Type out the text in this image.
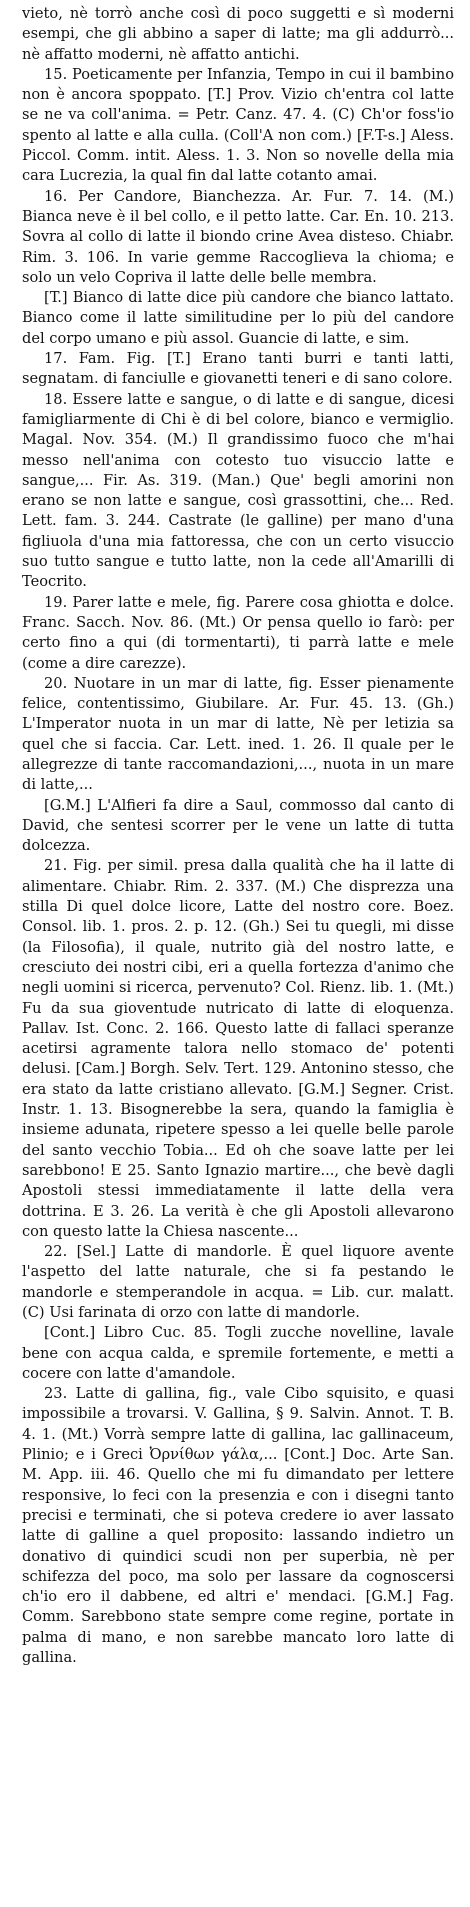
vieto, nè torrò anche così di poco suggetti e sì moderni esempi, che gli abbino a saper di latte; ma gli addurrò... nè affatto moderni, nè affatto antichi.

15. Poeticamente per Infanzia, Tempo in cui il bambino non è ancora spoppato. [T.] Prov. Vizio ch'entra col latte se ne va coll'anima. = Petr. Canz. 47. 4. (C) Ch'or foss'io spento al latte e alla culla. (Coll'A non com.) [F.T-s.] Aless. Piccol. Comm. intit. Aless. 1. 3. Non so novelle della mia cara Lucrezia, la qual fin dal latte cotanto amai.

16. Per Candore, Bianchezza. Ar. Fur. 7. 14. (M.) Bianca neve è il bel collo, e il petto latte. Car. En. 10. 213. Sovra al collo di latte il biondo crine Avea disteso. Chiabr. Rim. 3. 106. In varie gemme Raccoglieva la chioma; e solo un velo Copriva il latte delle belle membra.

[T.] Bianco di latte dice più candore che bianco lattato. Bianco come il latte similitudine per lo più del candore del corpo umano e più assol. Guancie di latte, e sim.

17. Fam. Fig. [T.] Erano tanti burri e tanti latti, segnatam. di fanciulle e giovanetti teneri e di sano colore.

18. Essere latte e sangue, o di latte e di sangue, dicesi famigliarmente di Chi è di bel colore, bianco e vermiglio. Magal. Nov. 354. (M.) Il grandissimo fuoco che m'hai messo nell'anima con cotesto tuo visuccio latte e sangue,... Fir. As. 319. (Man.) Que' begli amorini non erano se non latte e sangue, così grassottini, che... Red. Lett. fam. 3. 244. Castrate (le galline) per mano d'una figliuola d'una mia fattoressa, che con un certo visuccio suo tutto sangue e tutto latte, non la cede all'Amarilli di Teocrito.

19. Parer latte e mele, fig. Parere cosa ghiotta e dolce. Franc. Sacch. Nov. 86. (Mt.) Or pensa quello io farò: per certo fino a qui (di tormentarti), ti parrà latte e mele (come a dire carezze).

20. Nuotare in un mar di latte, fig. Esser pienamente felice, contentissimo, Giubilare. Ar. Fur. 45. 13. (Gh.) L'Imperator nuota in un mar di latte, Nè per letizia sa quel che si faccia. Car. Lett. ined. 1. 26. Il quale per le allegrezze di tante raccomandazioni,..., nuota in un mare di latte,...

[G.M.] L'Alfieri fa dire a Saul, commosso dal canto di David, che sentesi scorrer per le vene un latte di tutta dolcezza.

21. Fig. per simil. presa dalla qualità che ha il latte di alimentare. Chiabr. Rim. 2. 337. (M.) Che disprezza una stilla Di quel dolce licore, Latte del nostro core. Boez. Consol. lib. 1. pros. 2. p. 12. (Gh.) Sei tu quegli, mi disse (la Filosofia), il quale, nutrito già del nostro latte, e cresciuto dei nostri cibi, eri a quella fortezza d'animo che negli uomini si ricerca, pervenuto? Col. Rienz. lib. 1. (Mt.) Fu da sua gioventude nutricato di latte di eloquenza. Pallav. Ist. Conc. 2. 166. Questo latte di fallaci speranze acetirsi agramente talora nello stomaco de' potenti delusi. [Cam.] Borgh. Selv. Tert. 129. Antonino stesso, che era stato da latte cristiano allevato. [G.M.] Segner. Crist. Instr. 1. 13. Bisognerebbe la sera, quando la famiglia è insieme adunata, ripetere spesso a lei quelle belle parole del santo vecchio Tobia... Ed oh che soave latte per lei sarebbono! E 25. Santo Ignazio martire..., che bevè dagli Apostoli stessi immediatamente il latte della vera dottrina. E 3. 26. La verità è che gli Apostoli allevarono con questo latte la Chiesa nascente...

22. [Sel.] Latte di mandorle. È quel liquore avente l'aspetto del latte naturale, che si fa pestando le mandorle e stemperandole in acqua. = Lib. cur. malatt. (C) Usi farinata di orzo con latte di mandorle.

[Cont.] Libro Cuc. 85. Togli zucche novelline, lavale bene con acqua calda, e spremile fortemente, e metti a cocere con latte d'amandole.

23. Latte di gallina, fig., vale Cibo squisito, e quasi impossibile a trovarsi. V. Gallina, § 9. Salvin. Annot. T. B. 4. 1. (Mt.) Vorrà sempre latte di gallina, lac gallinaceum, Plinio; e i Greci Ὀρνίθων γάλα,... [Cont.] Doc. Arte San. M. App. iii. 46. Quello che mi fu dimandato per lettere responsive, lo feci con la presenzia e con i disegni tanto precisi e terminati, che si poteva credere io aver lassato latte di galline a quel proposito: lassando indietro un donativo di quindici scudi non per superbia, nè per schifezza del poco, ma solo per lassare da cognoscersi ch'io ero il dabbene, ed altri e' mendaci. [G.M.] Fag. Comm. Sarebbono state sempre come regine, portate in palma di mano, e non sarebbe mancato loro latte di gallina.
